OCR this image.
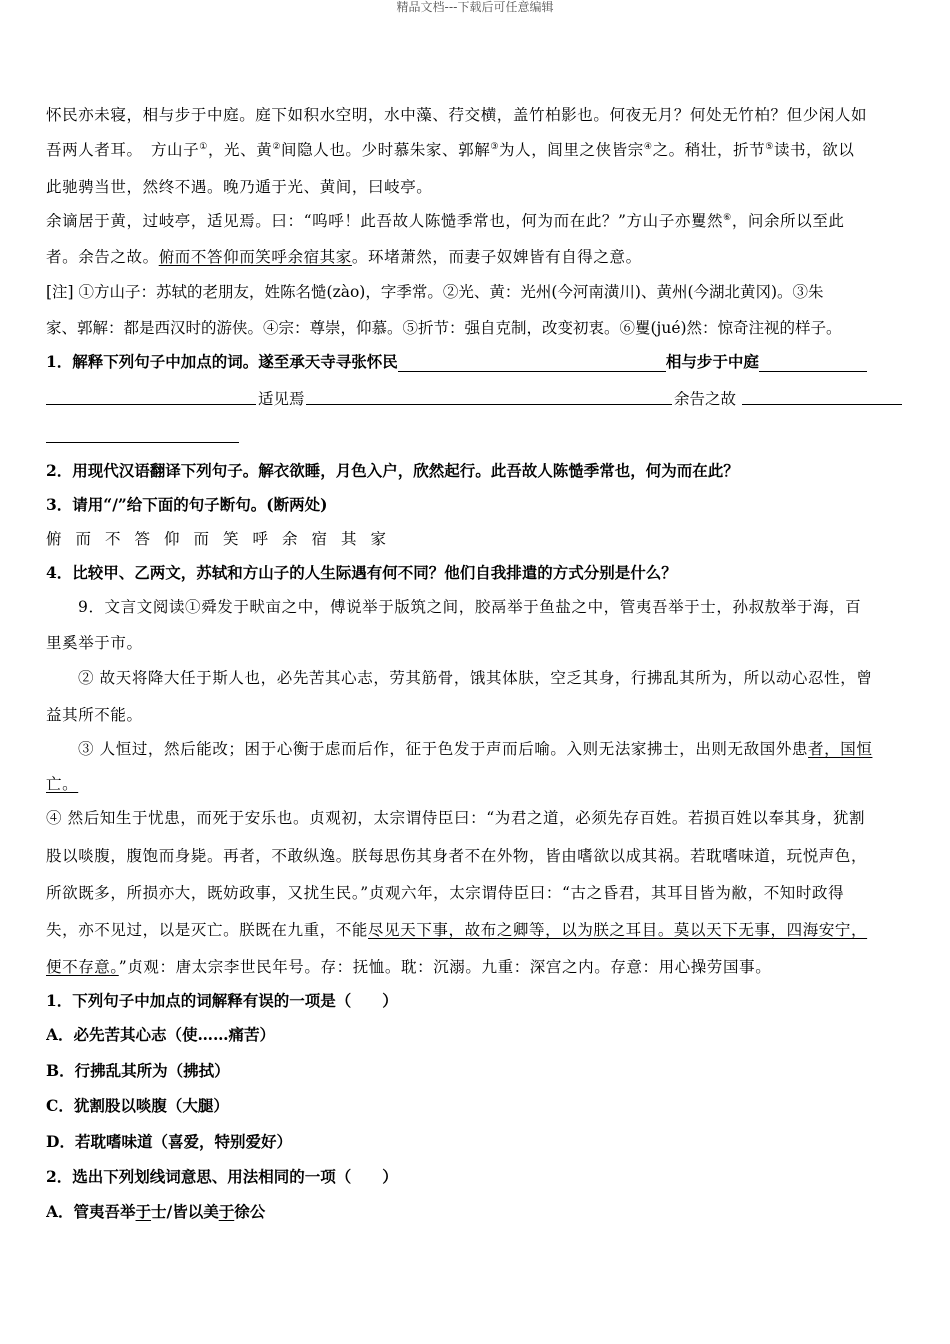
精品文档---下载后可任意编辑
怀民亦未寝，相与步于中庭。庭下如积水空明，水中藻、荇交横，盖竹柏影也。何夜无月？何处无竹柏？但少闲人如
吾两人者耳。　方山子①，光、黄②间隐人也。少时慕朱家、郭解③为人，闾里之侠皆宗④之。稍壮，折节⑤读书，欲以
此驰骋当世，然终不遇。晚乃遁于光、黄间，曰岐亭。
余谪居于黄，过岐亭，适见焉。曰：“呜呼！此吾故人陈慥季常也，何为而在此？”方山子亦矍然⑥，问余所以至此
者。余告之故。俯而不答仰而笑呼余宿其家。环堵萧然，而妻子奴婢皆有自得之意。
[注] ①方山子：苏轼的老朋友，姓陈名慥(zào)，字季常。②光、黄：光州(今河南潢川)、黄州(今湖北黄冈)。③朱
家、郭解：都是西汉时的游侠。④宗：尊崇，仰慕。⑤折节：强自克制，改变初衷。⑥矍(jué)然：惊奇注视的样子。
1．解释下列句子中加点的词。遂至承天寺寻张怀民	相与步于中庭
适见焉	余告之故
2．用现代汉语翻译下列句子。解衣欲睡，月色入户，欣然起行。此吾故人陈慥季常也，何为而在此？
3．请用“/”给下面的句子断句。(断两处)
俯而不答仰而笑呼余宿其家
4．比较甲、乙两文，苏轼和方山子的人生际遇有何不同？他们自我排遣的方式分别是什么？
9．文言文阅读①舜发于畎亩之中，傅说举于版筑之间，胶鬲举于鱼盐之中，管夷吾举于士，孙叔敖举于海，百
里奚举于市。
② 故天将降大任于斯人也，必先苦其心志，劳其筋骨，饿其体肤，空乏其身，行拂乱其所为，所以动心忍性，曾
益其所不能。
③ 人恒过，然后能改；困于心衡于虑而后作，征于色发于声而后喻。入则无法家拂士，出则无敌国外患者，国恒
亡。
④ 然后知生于忧患，而死于安乐也。贞观初，太宗谓侍臣曰：“为君之道，必须先存百姓。若损百姓以奉其身，犹割
股以啖腹，腹饱而身毙。再者，不敢纵逸。朕每思伤其身者不在外物，皆由嗜欲以成其祸。若耽嗜味道，玩悦声色，
所欲既多，所损亦大，既妨政事，又扰生民。”贞观六年，太宗谓侍臣曰：“古之昏君，其耳目皆为敝，不知时政得
失，亦不见过，以是灭亡。朕既在九重，不能尽见天下事，故布之卿等，以为朕之耳目。莫以天下无事，四海安宁，
便不存意。”贞观：唐太宗李世民年号。存：抚恤。耽：沉溺。九重：深宫之内。存意：用心操劳国事。
1．下列句子中加点的词解释有误的一项是（　　）
A．必先苦其心志（使……痛苦）
B．行拂乱其所为（拂拭）
C．犹割股以啖腹（大腿）
D．若耽嗜味道（喜爱，特别爱好）
2．选出下列划线词意思、用法相同的一项（　　）
A．管夷吾举于士/皆以美于徐公
